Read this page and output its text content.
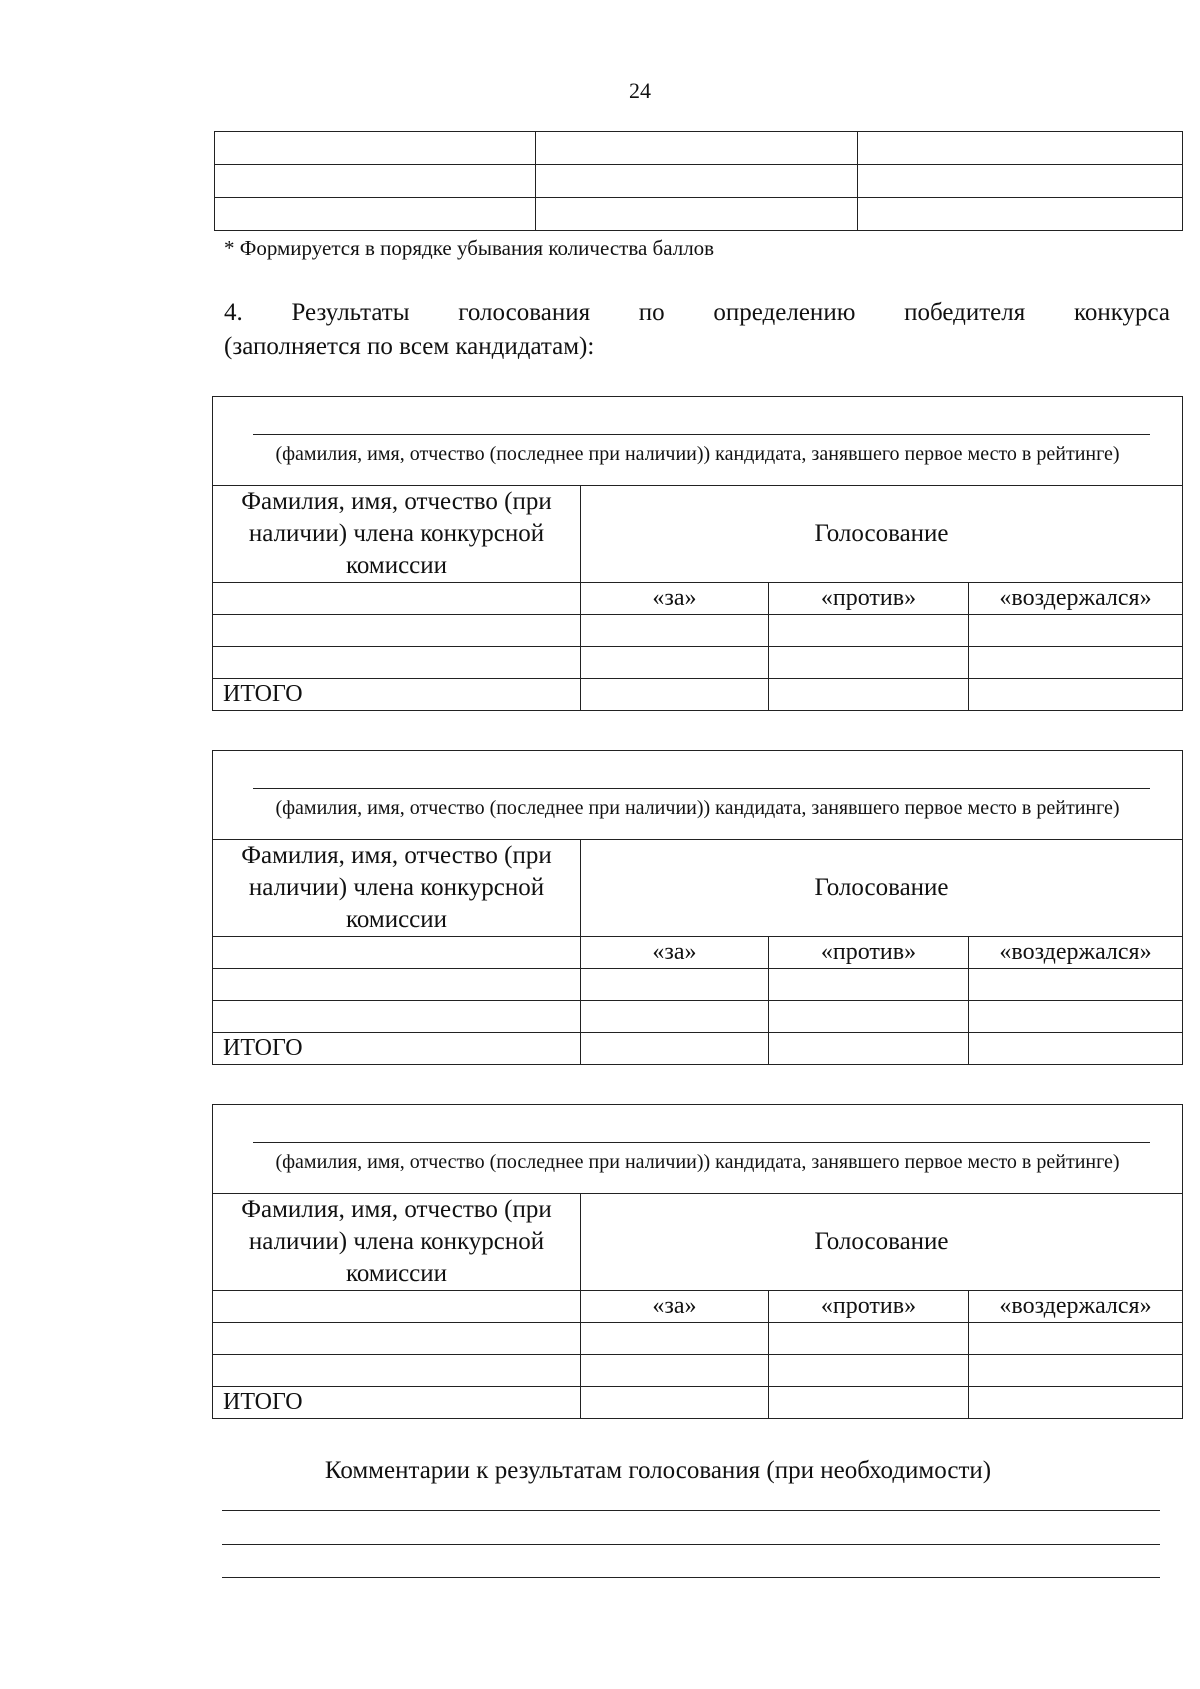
24

* Формируется в порядке убывания количества баллов
4. Результаты голосования по определению победителя конкурса
(заполняется по всем кандидатам):
(фамилия, имя, отчество (последнее при наличии)) кандидата, занявшего первое место в рейтинге)			

Фамилия, имя, отчество (при наличии) члена конкурсной комиссии	Голосование		
	«за»	«против»	«воздержался»

ИТОГО			
(фамилия, имя, отчество (последнее при наличии)) кандидата, занявшего первое место в рейтинге)			

Фамилия, имя, отчество (при наличии) члена конкурсной комиссии	Голосование		
	«за»	«против»	«воздержался»

ИТОГО			
(фамилия, имя, отчество (последнее при наличии)) кандидата, занявшего первое место в рейтинге)			

Фамилия, имя, отчество (при наличии) члена конкурсной комиссии	Голосование		
	«за»	«против»	«воздержался»

ИТОГО			
Комментарии к результатам голосования (при необходимости)
